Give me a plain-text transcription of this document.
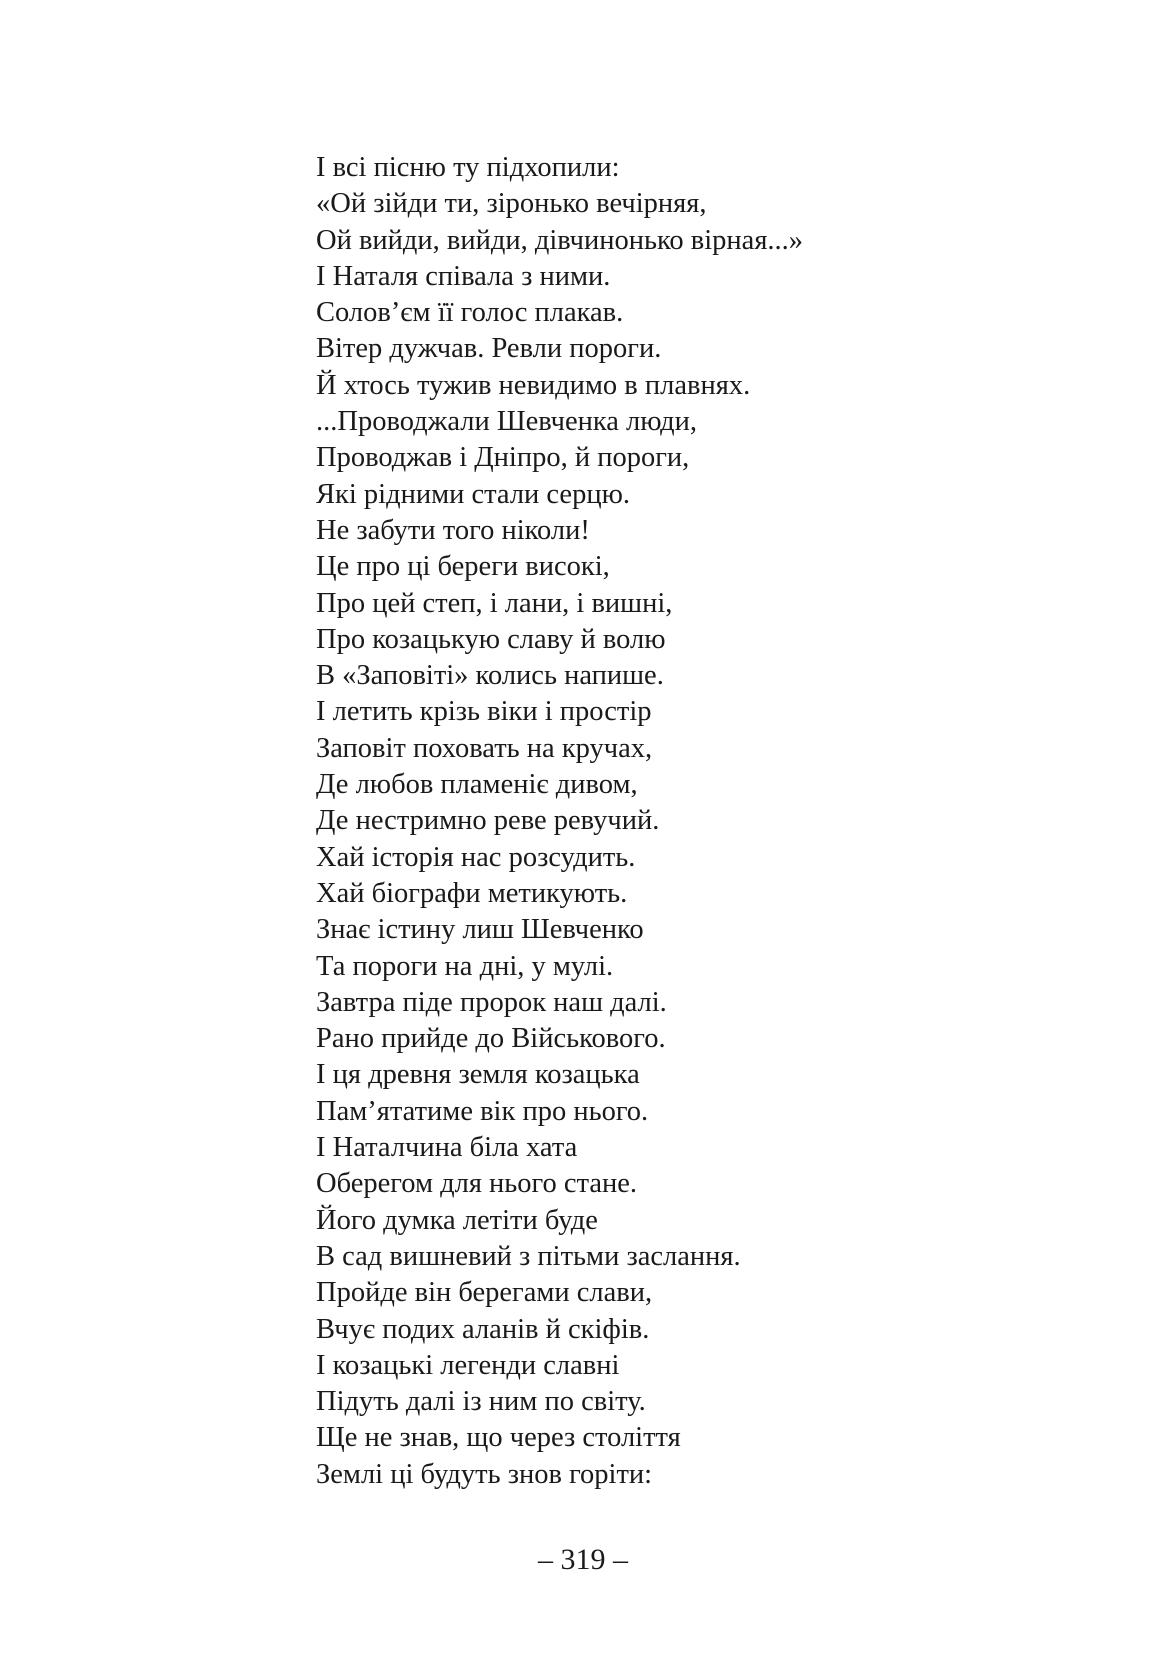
І всі пісню ту підхопили:
«Ой зійди ти, зіронько вечірняя,
Ой вийди, вийди, дівчинонько вірная...»
І Наталя співала з ними.
Солов’єм її голос плакав.
Вітер дужчав. Ревли пороги.
Й хтось тужив невидимо в плавнях.
...Проводжали Шевченка люди,
Проводжав і Дніпро, й пороги,
Які рідними стали серцю.
Не забути того ніколи!
Це про ці береги високі,
Про цей степ, і лани, і вишні,
Про козацькую славу й волю
В «Заповіті» колись напише.
І летить крізь віки і простір
Заповіт поховать на кручах,
Де любов пламеніє дивом,
Де нестримно реве ревучий.
Хай історія нас розсудить.
Хай біографи метикують.
Знає істину лиш Шевченко
Та пороги на дні, у мулі.
Завтра піде пророк наш далі.
Рано прийде до Військового.
І ця древня земля козацька
Пам’ятатиме вік про нього.
І Наталчина біла хата
Оберегом для нього стане.
Його думка летіти буде
В сад вишневий з пітьми заслання.
Пройде він берегами слави,
Вчує подих аланів й скіфів.
І козацькі легенди славні
Підуть далі із ним по світу.
Ще не знав, що через століття
Землі ці будуть знов горіти:
– 319 –
